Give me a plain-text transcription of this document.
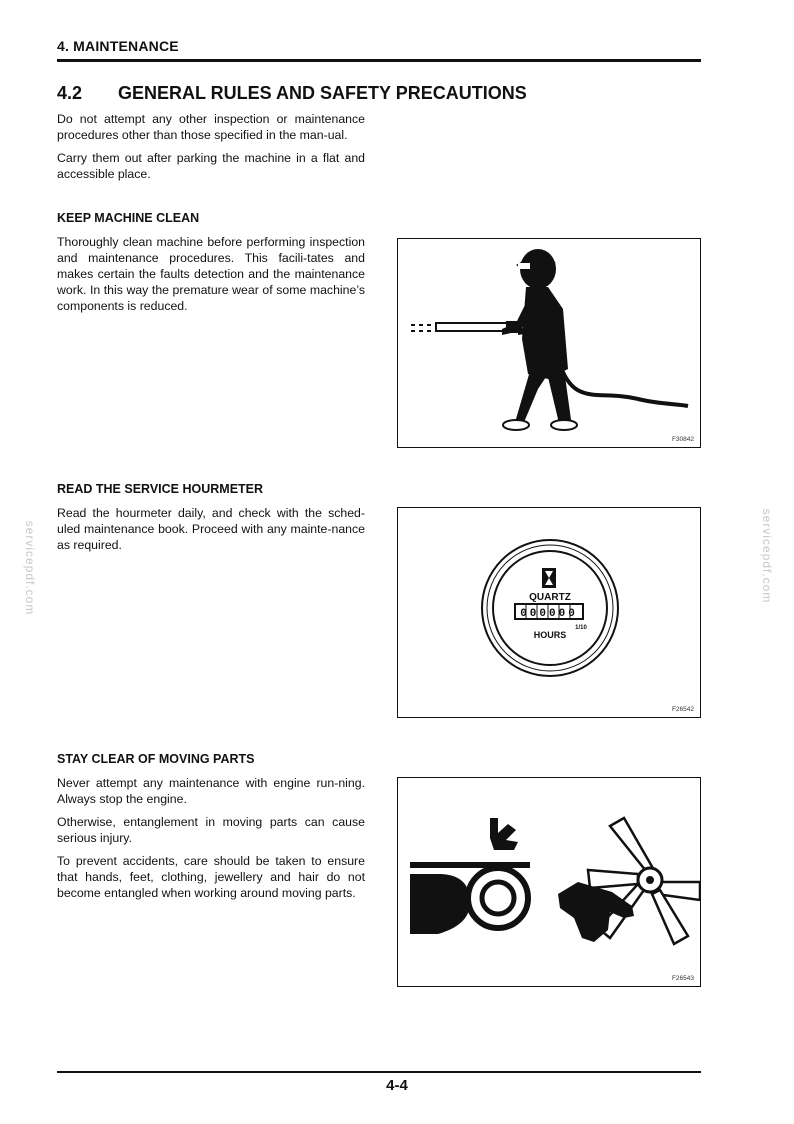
4. MAINTENANCE
4.2 GENERAL RULES AND SAFETY PRECAUTIONS

Do not attempt any other inspection or maintenance procedures other than those specified in the man-ual.

Carry them out after parking the machine in a flat and accessible place.

KEEP MACHINE CLEAN

Thoroughly clean machine before performing inspection and maintenance procedures. This facili-tates and makes certain the faults detection and the maintenance work. In this way the premature wear of some machine’s components is reduced.

F30842
READ THE SERVICE HOURMETER

Read the hourmeter daily, and check with the sched-uled maintenance book. Proceed with any mainte-nance as required.

QUARTZ
000000
1/10
HOURS
F26542
STAY CLEAR OF MOVING PARTS

Never attempt any maintenance with engine run-ning. Always stop the engine.

Otherwise, entanglement in moving parts can cause serious injury.

To prevent accidents, care should be taken to ensure that hands, feet, clothing, jewellery and hair do not become entangled when working around moving parts.

F26543
servicepdf.com	servicepdf.com
4-4
